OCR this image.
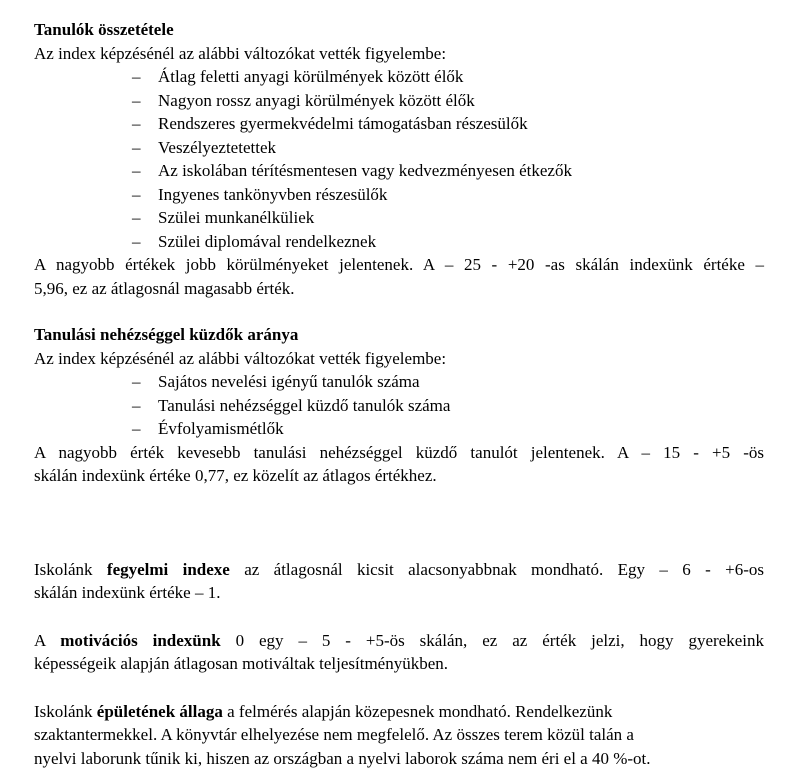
Tanulók összetétele

Az index képzésénél az alábbi változókat vették figyelembe:

– Átlag feletti anyagi körülmények között élők
– Nagyon rossz anyagi körülmények között élők
– Rendszeres gyermekvédelmi támogatásban részesülők
– Veszélyeztetettek
– Az iskolában térítésmentesen vagy kedvezményesen étkezők
– Ingyenes tankönyvben részesülők
– Szülei munkanélküliek
– Szülei diplomával rendelkeznek

A nagyobb értékek jobb körülményeket jelentenek. A – 25 - +20 -as skálán indexünk értéke –

5,96, ez az átlagosnál magasabb érték.

Tanulási nehézséggel küzdők aránya

Az index képzésénél az alábbi változókat vették figyelembe:

– Sajátos nevelési igényű tanulók száma
– Tanulási nehézséggel küzdő tanulók száma
– Évfolyamismétlők

A nagyobb érték kevesebb tanulási nehézséggel küzdő tanulót jelentenek. A – 15 - +5 -ös

skálán indexünk értéke 0,77, ez közelít az átlagos értékhez.

Iskolánk fegyelmi indexe az átlagosnál kicsit alacsonyabbnak mondható. Egy – 6 - +6-os

skálán indexünk értéke – 1.

A motivációs indexünk 0 egy – 5 - +5-ös skálán, ez az érték jelzi, hogy gyerekeink

képességeik alapján átlagosan motiváltak teljesítményükben.

Iskolánk épületének állaga a felmérés alapján közepesnek mondható. Rendelkezünk

szaktantermekkel. A könyvtár elhelyezése nem megfelelő. Az összes terem közül talán a

nyelvi laborunk tűnik ki, hiszen az országban a nyelvi laborok száma nem éri el a 40 %-ot.
